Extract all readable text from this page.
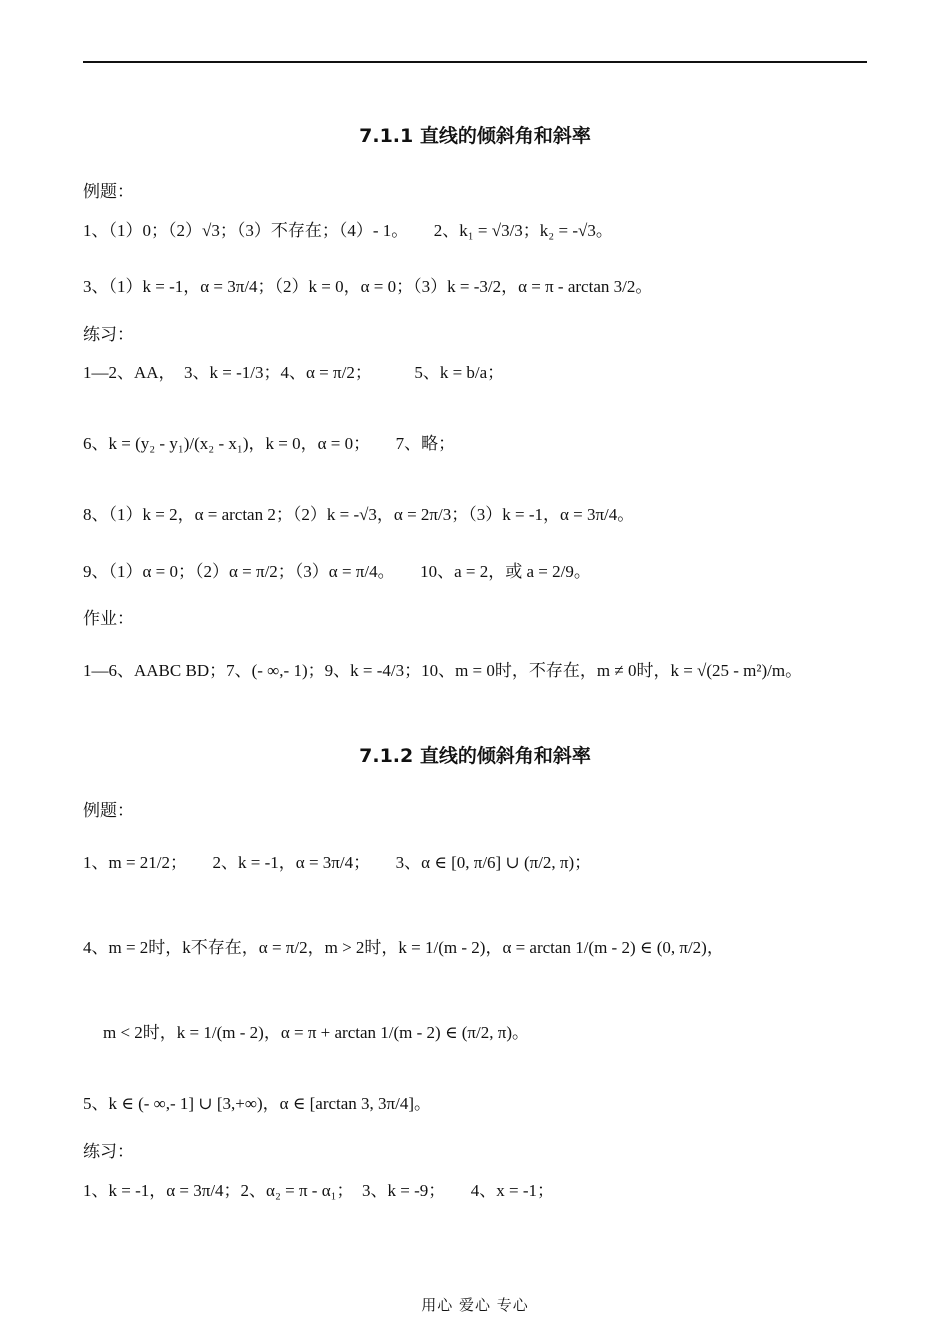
7.1.1 直线的倾斜角和斜率
例题：
1、（1）0；（2）√3；（3）不存在；（4）- 1。　　2、k₁ = √3/3；k₂ = -√3。
3、（1）k = -1，α = 3π/4；（2）k = 0，α = 0；（3）k = -3/2，α = π - arctan 3/2。
练习：
1—2、AA，　3、k = -1/3；4、α = π/2；　　　5、k = b/a；
6、k = (y₂ - y₁)/(x₂ - x₁)，k = 0，α = 0；　　7、略；
8、（1）k = 2，α = arctan 2；（2）k = -√3，α = 2π/3；（3）k = -1，α = 3π/4。
9、（1）α = 0；（2）α = π/2；（3）α = π/4。　　10、a = 2，或 a = 2/9。
作业：
1—6、AABC BD；7、(- ∞,- 1)；9、k = -4/3；10、m = 0时，不存在，m ≠ 0时，k = √(25 - m²)/m。
7.1.2 直线的倾斜角和斜率
例题：
1、m = 21/2；　　2、k = -1，α = 3π/4；　　3、α ∈ [0, π/6] ∪ (π/2, π)；
4、m = 2时，k不存在，α = π/2，m > 2时，k = 1/(m - 2)，α = arctan 1/(m - 2) ∈ (0, π/2)，
m < 2时，k = 1/(m - 2)，α = π + arctan 1/(m - 2) ∈ (π/2, π)。
5、k ∈ (- ∞,- 1] ∪ [3,+∞)，α ∈ [arctan 3, 3π/4]。
练习：
1、k = -1，α = 3π/4；2、α₂ = π - α₁；　3、k = -9；　　4、x = -1；
用心 爱心 专心
